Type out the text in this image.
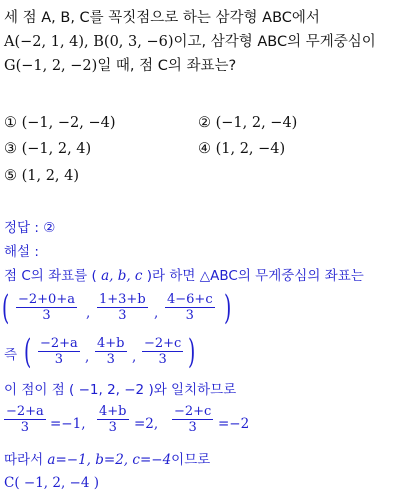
세 점 A, B, C를 꼭짓점으로 하는 삼각형 ABC에서
A(−2, 1, 4), B(0, 3, −6)이고, 삼각형 ABC의 무게중심이
G(−1, 2, −2)일 때, 점 C의 좌표는?
① (−1, −2, −4)	② (−1, 2, −4)
③ (−1, 2, 4)	④ (1, 2, −4)
⑤ (1, 2, 4)
정답 : ②
해설 :
점 C의 좌표를 ( a, b, c )라 하면 △ABC의 무게중심의 좌표는
( $\frac{-2+0+a}{3}$ , $\frac{1+3+b}{3}$ , $\frac{4-6+c}{3}$ )
즉 ( $\frac{-2+a}{3}$ , $\frac{4+b}{3}$ , $\frac{-2+c}{3}$ )
이 점이 점 ( −1, 2, −2 )와 일치하므로
$\frac{-2+a}{3} =-1$, $\frac{4+b}{3} =2$, $\frac{-2+c}{3} =-2$
따라서 a=−1, b=2, c=−4이므로
C( −1, 2, −4 )
